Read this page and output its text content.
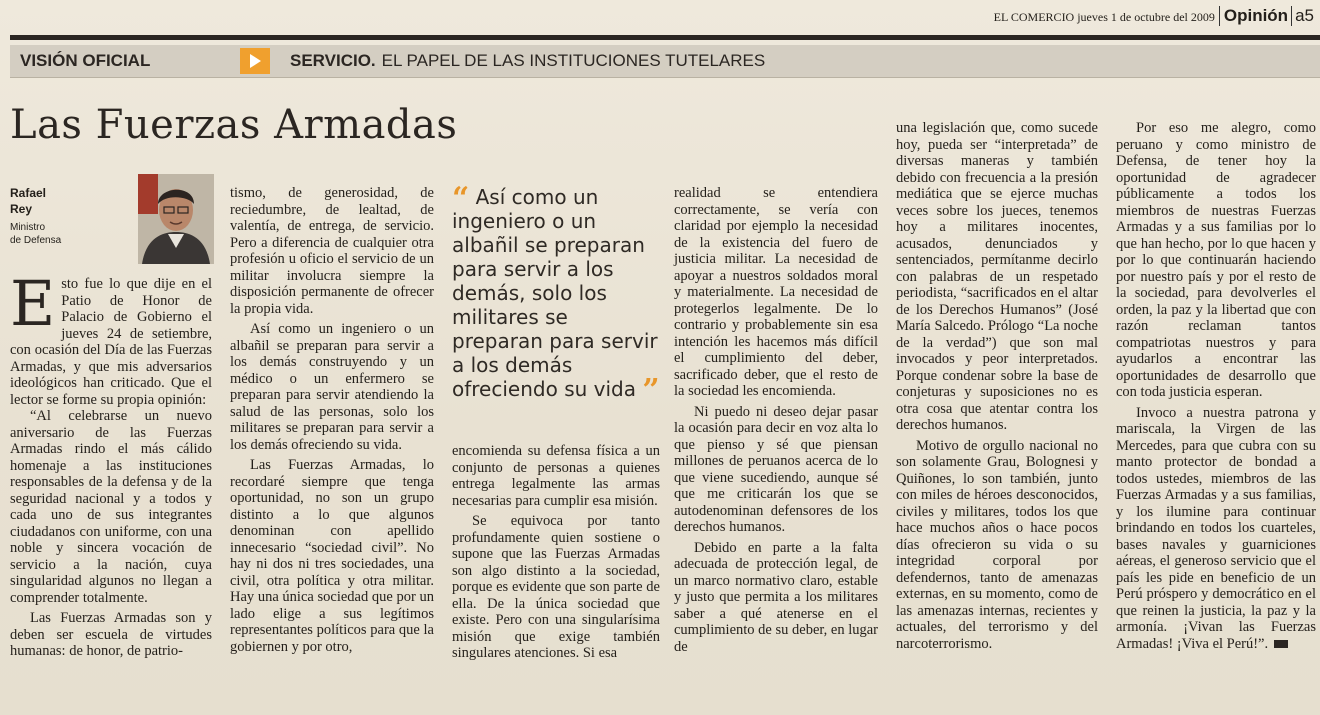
EL COMERCIO jueves 1 de octubre del 2009 Opinión a5
VISIÓN OFICIAL	SERVICIO. EL PAPEL DE LAS INSTITUCIONES TUTELARES
Las Fuerzas Armadas
Rafael
Rey
Ministro
de Defensa

Esto fue lo que dije en el Patio de Honor de Palacio de Gobierno el jueves 24 de setiembre, con ocasión del Día de las Fuerzas Armadas, y que mis adversarios ideológicos han criticado. Que el lector se forme su propia opinión:

“Al celebrarse un nuevo aniversario de las Fuerzas Armadas rindo el más cálido homenaje a las instituciones responsables de la defensa y de la seguridad nacional y a todos y cada uno de sus integrantes ciudadanos con uniforme, con una noble y sincera vocación de servicio a la nación, cuya singularidad algunos no llegan a comprender totalmente.

Las Fuerzas Armadas son y deben ser escuela de virtudes humanas: de honor, de patrio-

tismo, de generosidad, de reciedumbre, de lealtad, de valentía, de entrega, de servicio. Pero a diferencia de cualquier otra profesión u oficio el servicio de un militar involucra siempre la disposición permanente de ofrecer la propia vida.

Así como un ingeniero o un albañil se preparan para servir a los demás construyendo y un médico o un enfermero se preparan para servir atendiendo la salud de las personas, solo los militares se preparan para servir a los demás ofreciendo su vida.

Las Fuerzas Armadas, lo recordaré siempre que tenga oportunidad, no son un grupo distinto a lo que algunos denominan con apellido innecesario “sociedad civil”. No hay ni dos ni tres sociedades, una civil, otra política y otra militar. Hay una única sociedad que por un lado elige a sus legítimos representantes políticos para que la gobiernen y por otro,

“ Así como un ingeniero o un albañil se preparan para servir a los demás, solo los militares se preparan para servir a los demás ofreciendo su vida ”

encomienda su defensa física a un conjunto de personas a quienes entrega legalmente las armas necesarias para cumplir esa misión.

Se equivoca por tanto profundamente quien sostiene o supone que las Fuerzas Armadas son algo distinto a la sociedad, porque es evidente que son parte de ella. De la única sociedad que existe. Pero con una singularísima misión que exige también singulares atenciones. Si esa

realidad se entendiera correctamente, se vería con claridad por ejemplo la necesidad de la existencia del fuero de justicia militar. La necesidad de apoyar a nuestros soldados moral y materialmente. La necesidad de protegerlos legalmente. De lo contrario y probablemente sin esa intención les hacemos más difícil el cumplimiento del deber, sacrificado deber, que el resto de la sociedad les encomienda.

Ni puedo ni deseo dejar pasar la ocasión para decir en voz alta lo que pienso y sé que piensan millones de peruanos acerca de lo que viene sucediendo, aunque sé que me criticarán los que se autodenominan defensores de los derechos humanos.

Debido en parte a la falta adecuada de protección legal, de un marco normativo claro, estable y justo que permita a los militares saber a qué atenerse en el cumplimiento de su deber, en lugar de

una legislación que, como sucede hoy, pueda ser “interpretada” de diversas maneras y también debido con frecuencia a la presión mediática que se ejerce muchas veces sobre los jueces, tenemos hoy a militares inocentes, acusados, denunciados y sentenciados, permítanme decirlo con palabras de un respetado periodista, “sacrificados en el altar de los Derechos Humanos” (José María Salcedo. Prólogo “La noche de la verdad”) que son mal invocados y peor interpretados. Porque condenar sobre la base de conjeturas y suposiciones no es otra cosa que atentar contra los derechos humanos.

Motivo de orgullo nacional no son solamente Grau, Bolognesi y Quiñones, lo son también, junto con miles de héroes desconocidos, civiles y militares, todos los que hace muchos años o hace pocos días ofrecieron su vida o su integridad corporal por defendernos, tanto de amenazas externas, en su momento, como de las amenazas internas, recientes y actuales, del terrorismo y del narcoterrorismo.

Por eso me alegro, como peruano y como ministro de Defensa, de tener hoy la oportunidad de agradecer públicamente a todos los miembros de nuestras Fuerzas Armadas y a sus familias por lo que han hecho, por lo que hacen y por lo que continuarán haciendo por nuestro país y por el resto de la sociedad, para devolverles el orden, la paz y la libertad que con razón reclaman tantos compatriotas nuestros y para ayudarlos a encontrar las oportunidades de desarrollo que con toda justicia esperan.

Invoco a nuestra patrona y mariscala, la Virgen de las Mercedes, para que cubra con su manto protector de bondad a todos ustedes, miembros de las Fuerzas Armadas y a sus familias, y los ilumine para continuar brindando en todos los cuarteles, bases navales y guarniciones aéreas, el generoso servicio que el país les pide en beneficio de un Perú próspero y democrático en el que reinen la justicia, la paz y la armonía. ¡Vivan las Fuerzas Armadas! ¡Viva el Perú!”.
